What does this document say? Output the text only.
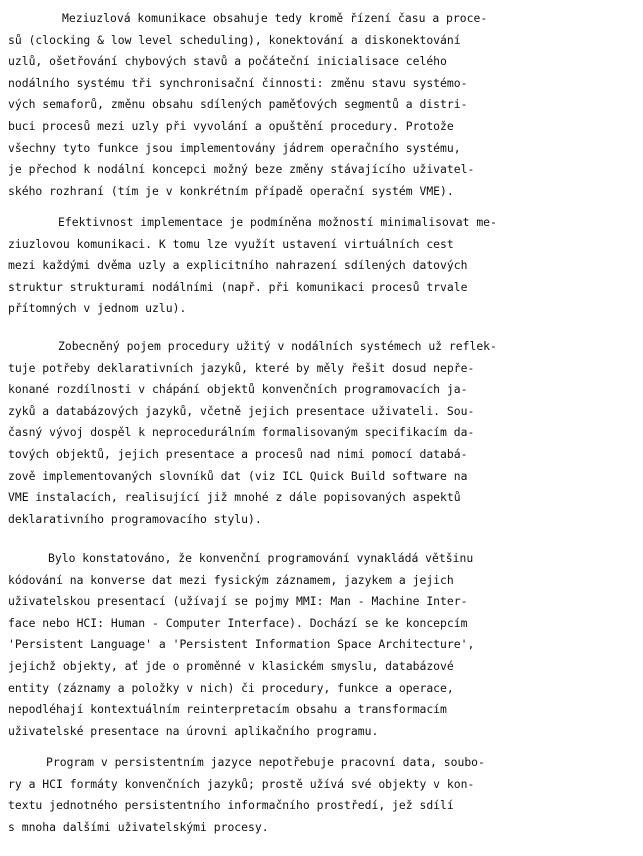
Meziuzlová komunikace obsahuje tedy kromě řízení času a proce-
sů (clocking & low level scheduling), konektování a diskonektování
uzlů, ošetřování chybových stavů a počáteční inicialisace celého
nodálního systému tři synchronisační činnosti: změnu stavu systémo-
vých semaforů, změnu obsahu sdílených paměťových segmentů a distri-
buci procesů mezi uzly při vyvolání a opuštění procedury. Protože
všechny tyto funkce jsou implementovány jádrem operačního systému,
je přechod k nodální koncepci možný beze změny stávajícího uživatel-
ského rozhraní (tím je v konkrétním případě operační systém VME).
Efektivnost implementace je podmíněna možností minimalisovat me-
ziuzlovou komunikaci. K tomu lze využít ustavení virtuálních cest
mezi každými dvěma uzly a explicitního nahrazení sdílených datových
struktur strukturami nodálními (např. při komunikaci procesů trvale
přítomných v jednom uzlu).
Zobecněný pojem procedury užitý v nodálních systémech už reflek-
tuje potřeby deklarativních jazyků, které by měly řešit dosud nepře-
konané rozdílnosti v chápání objektů konvenčních programovacích ja-
zyků a databázových jazyků, včetně jejich presentace uživateli. Sou-
časný vývoj dospěl k neprocedurálním formalisovaným specifikacím da-
tových objektů, jejich presentace a procesů nad nimi pomocí databá-
zově implementovaných slovníků dat (viz ICL Quick Build software na
VME instalacích, realisující již mnohé z dále popisovaných aspektů
deklarativního programovacího stylu).
Bylo konstatováno, že konvenční programování vynakládá většinu
kódování na konverse dat mezi fysickým záznamem, jazykem a jejich
uživatelskou presentací (užívají se pojmy MMI: Man - Machine Inter-
face nebo HCI: Human - Computer Interface). Dochází se ke koncepcím
'Persistent Language' a 'Persistent Information Space Architecture',
jejichž objekty, ať jde o proměnné v klasickém smyslu, databázové
entity (záznamy a položky v nich) či procedury, funkce a operace,
nepodléhají kontextuálním reinterpretacím obsahu a transformacím
uživatelské presentace na úrovni aplikačního programu.
Program v persistentním jazyce nepotřebuje pracovní data, soubo-
ry a HCI formáty konvenčních jazyků; prostě užívá své objekty v kon-
textu jednotného persistentního informačního prostředí, jež sdílí
s mnoha dalšími uživatelskými procesy.
